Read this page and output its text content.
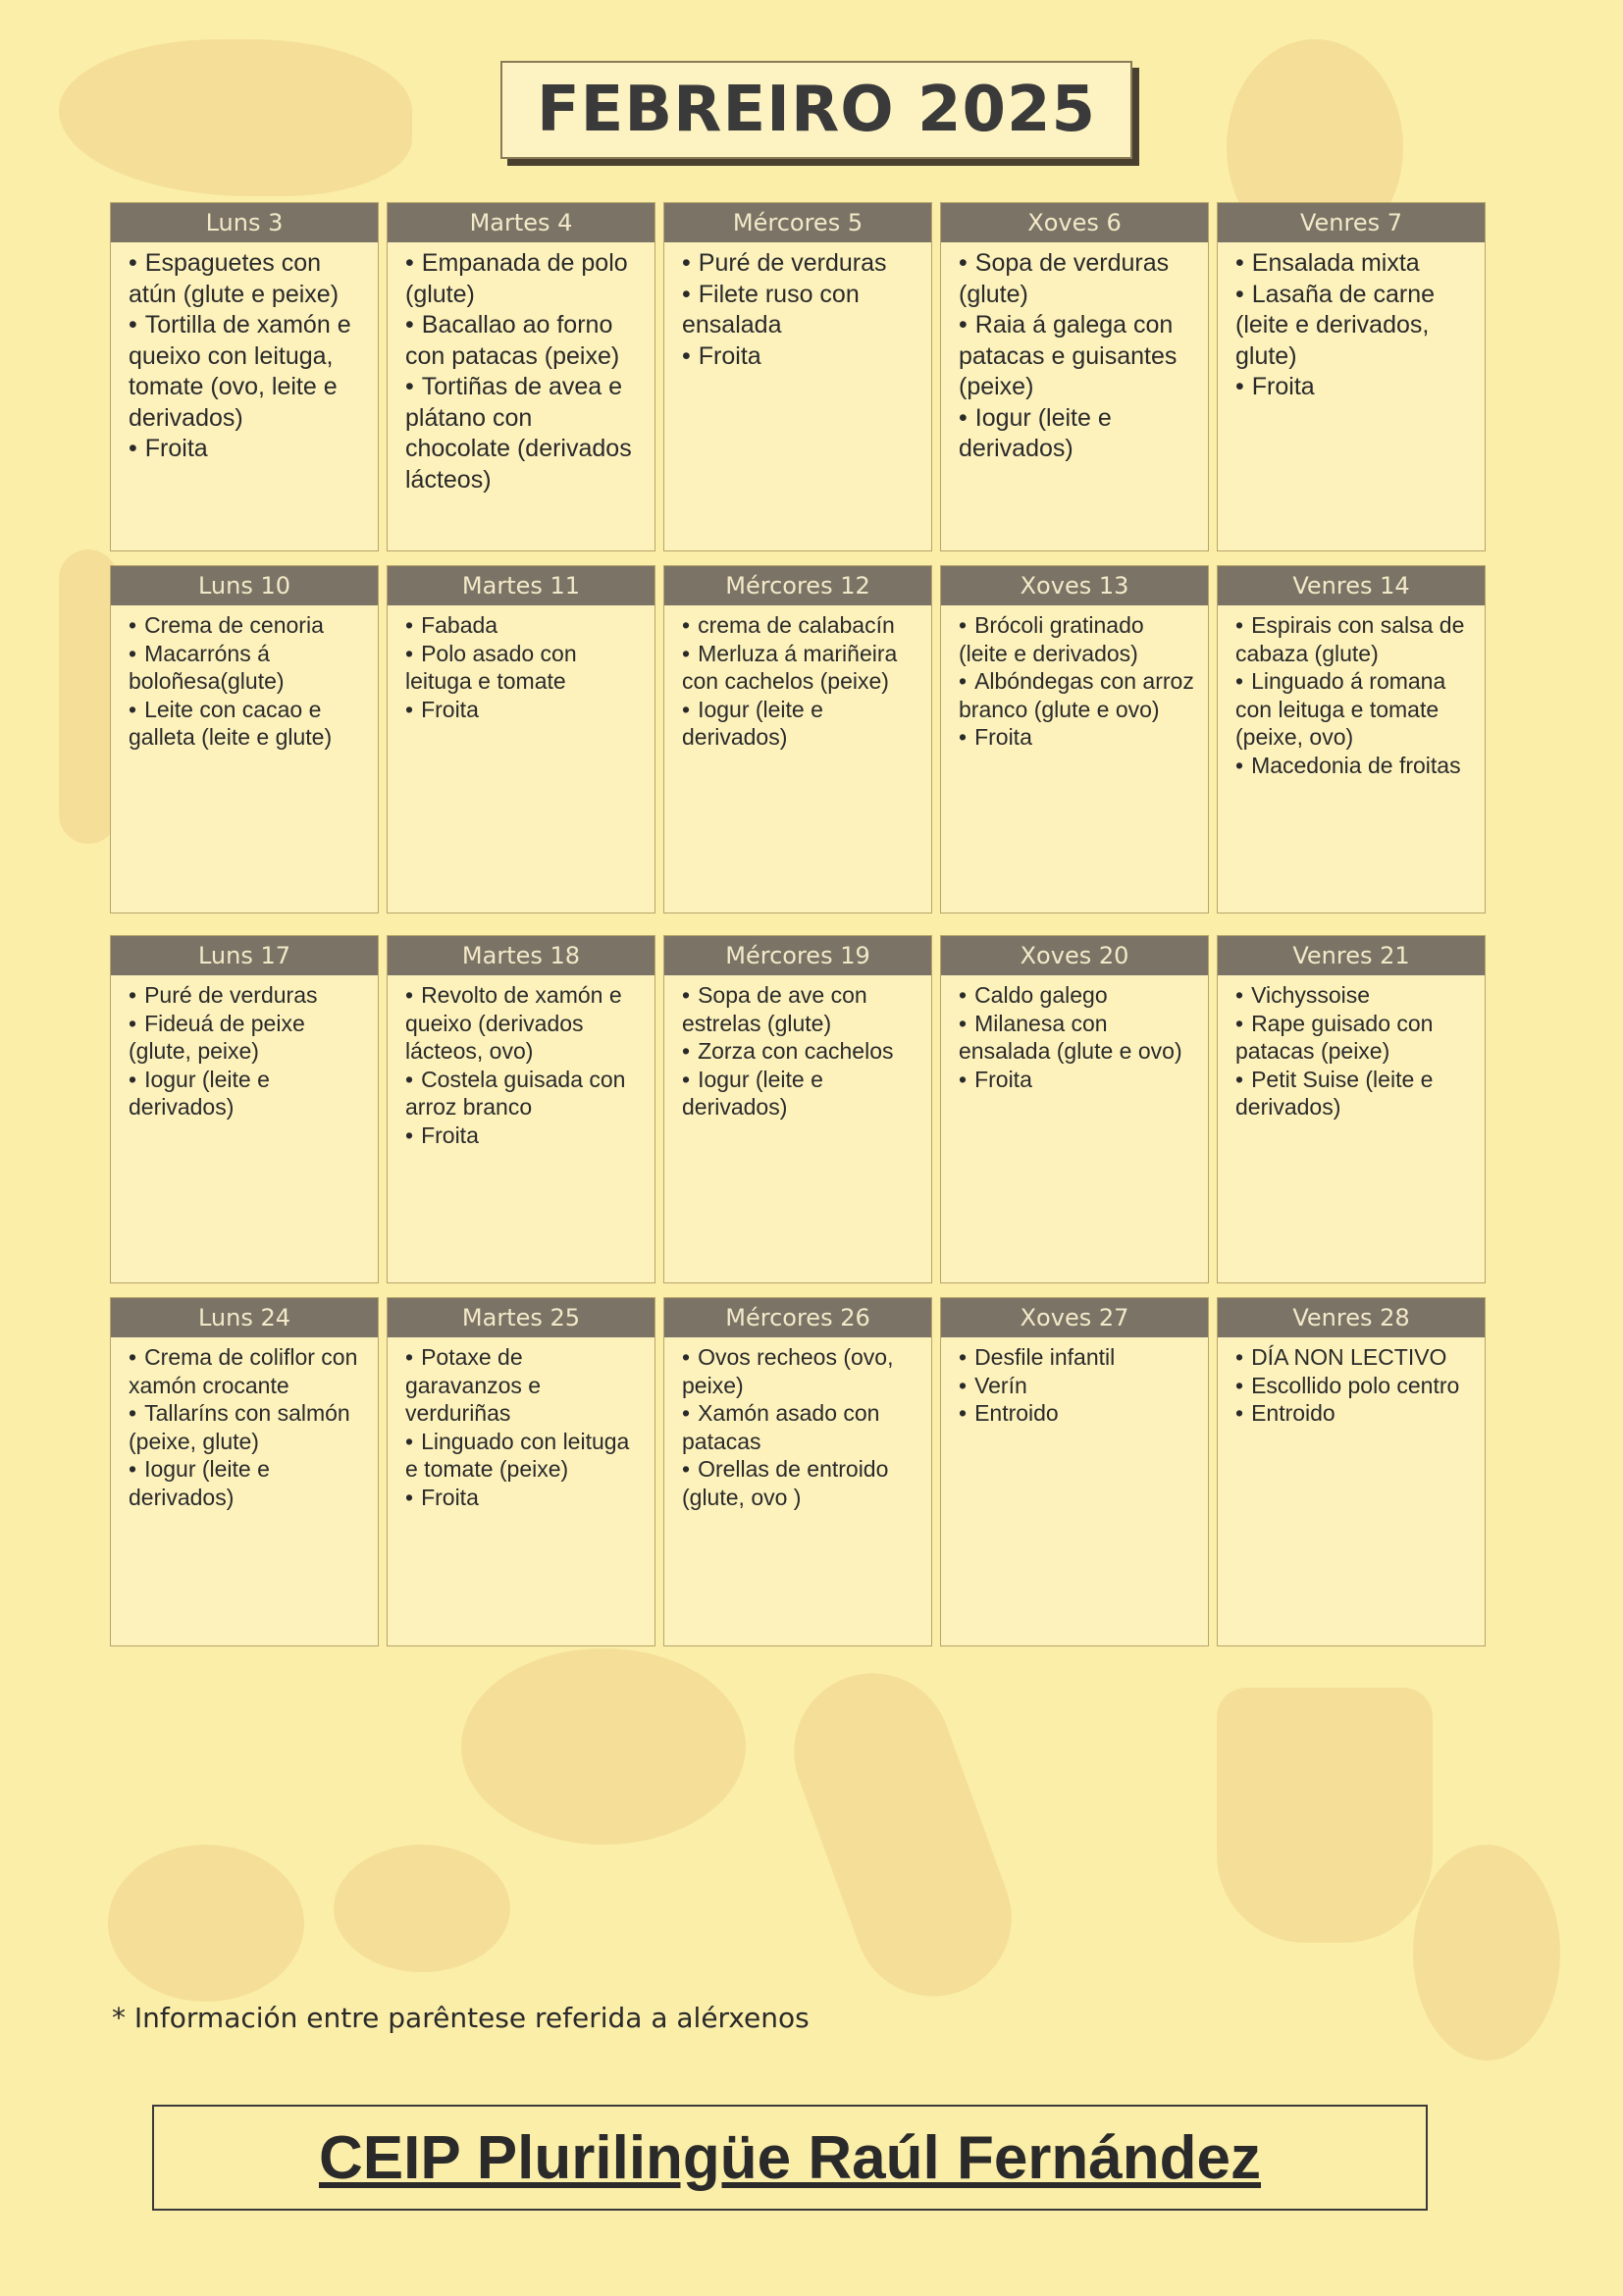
FEBREIRO 2025
Luns 3
• Espaguetes con atún (glute e peixe)
• Tortilla de xamón e queixo con leituga, tomate (ovo, leite e derivados)
• Froita
Martes 4
• Empanada de polo (glute)
• Bacallao ao forno con patacas (peixe)
• Tortiñas de avea e plátano con chocolate (derivados lácteos)
Mércores 5
• Puré de verduras
• Filete ruso con ensalada
• Froita
Xoves 6
• Sopa de verduras (glute)
• Raia á galega con patacas e guisantes (peixe)
• Iogur (leite e derivados)
Venres 7
• Ensalada mixta
• Lasaña de carne (leite e derivados, glute)
• Froita
Luns 10
• Crema de cenoria
• Macarróns á boloñesa(glute)
• Leite con cacao e galleta (leite e glute)
Martes 11
• Fabada
• Polo asado con leituga e tomate
• Froita
Mércores 12
• crema de calabacín
• Merluza á mariñeira con cachelos (peixe)
• Iogur (leite e derivados)
Xoves 13
• Brócoli gratinado (leite e derivados)
• Albóndegas con arroz branco (glute e ovo)
• Froita
Venres 14
• Espirais con salsa de cabaza (glute)
• Linguado á romana con leituga e tomate (peixe, ovo)
• Macedonia de froitas
Luns 17
• Puré de verduras
• Fideuá de peixe (glute, peixe)
• Iogur (leite e derivados)
Martes 18
• Revolto de xamón e queixo (derivados lácteos, ovo)
• Costela guisada con arroz branco
• Froita
Mércores 19
• Sopa de ave con estrelas (glute)
• Zorza con cachelos
• Iogur (leite e derivados)
Xoves 20
• Caldo galego
• Milanesa con ensalada (glute e ovo)
• Froita
Venres 21
• Vichyssoise
• Rape guisado con patacas (peixe)
• Petit Suise (leite e derivados)
Luns 24
• Crema de coliflor con xamón crocante
• Tallaríns con salmón (peixe, glute)
• Iogur (leite e derivados)
Martes 25
• Potaxe de garavanzos e verduriñas
• Linguado con leituga e tomate (peixe)
• Froita
Mércores 26
• Ovos recheos (ovo, peixe)
• Xamón asado con patacas
• Orellas de entroido (glute, ovo )
Xoves 27
• Desfile infantil
• Verín
• Entroido
Venres 28
• DÍA NON LECTIVO
• Escollido polo centro
• Entroido
* Información entre parêntese referida a alérxenos
CEIP Plurilingüe Raúl Fernández
